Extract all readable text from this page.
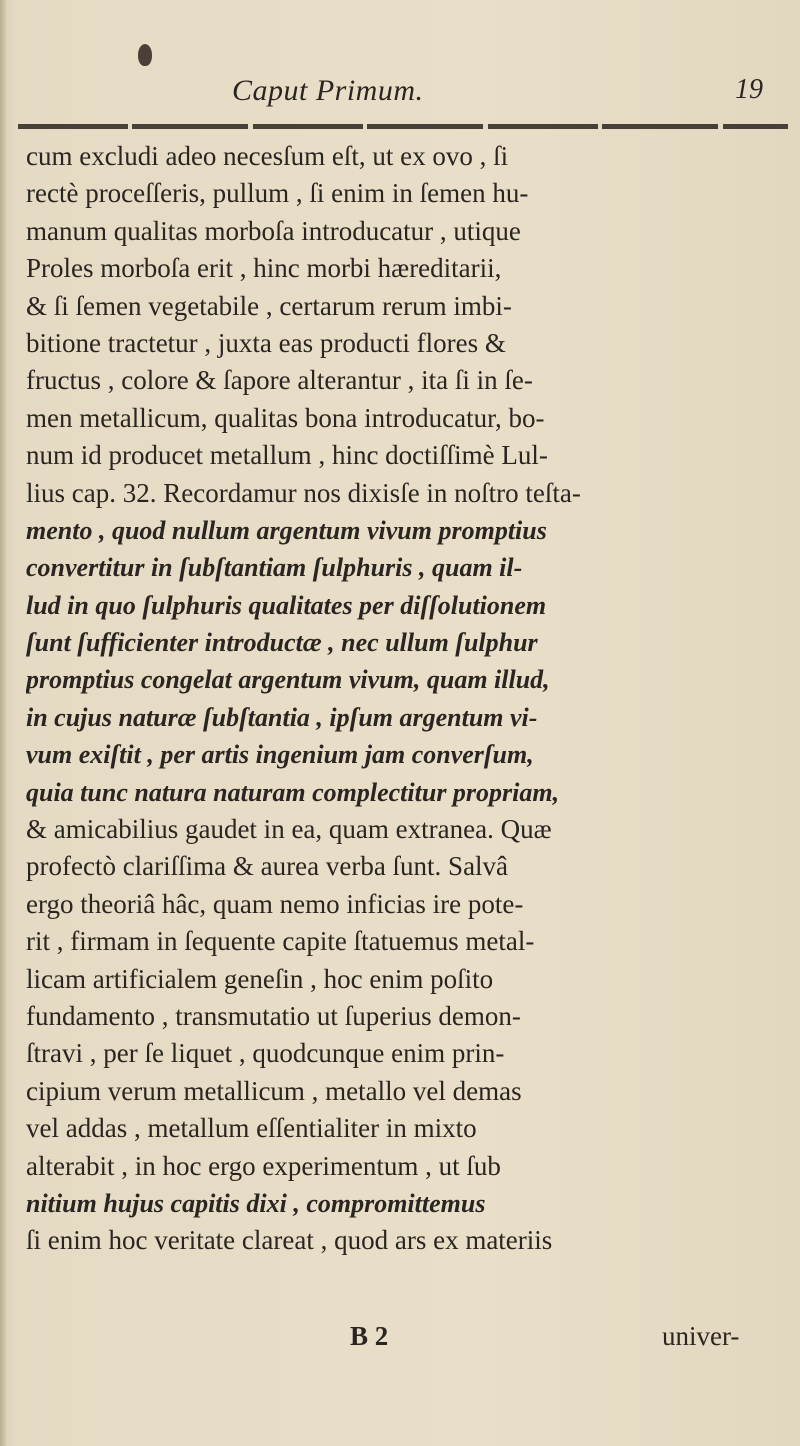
Caput Primum.	19
cum excludi adeo necesſum eſt, ut ex ovo , ſi
rectè proceſſeris, pullum , ſi enim in ſemen hu-
manum qualitas morboſa introducatur , utique
Proles morboſa erit , hinc morbi hæreditarii,
& ſi ſemen vegetabile , certarum rerum imbi-
bitione tractetur , juxta eas producti flores &
fructus , colore & ſapore alterantur , ita ſi in ſe-
men metallicum, qualitas bona introducatur, bo-
num id producet metallum , hinc doctiſſimè Lul-
lius cap. 32. Recordamur nos dixisſe in noſtro teſta-
mento , quod nullum argentum vivum promptius
convertitur in ſubſtantiam ſulphuris , quam il-
lud in quo ſulphuris qualitates per diſſolutionem
ſunt ſufficienter introductæ , nec ullum ſulphur
promptius congelat argentum vivum, quam illud,
in cujus naturæ ſubſtantia , ipſum argentum vi-
vum exiſtit , per artis ingenium jam converſum,
quia tunc natura naturam complectitur propriam,
& amicabilius gaudet in ea, quam extranea. Quæ
profectò clariſſima & aurea verba ſunt. Salvâ
ergo theoriâ hâc, quam nemo inficias ire pote-
rit , firmam in ſequente capite ſtatuemus metal-
licam artificialem geneſin , hoc enim poſito
fundamento , transmutatio ut ſuperius demon-
ſtravi , per ſe liquet , quodcunque enim prin-
cipium verum metallicum , metallo vel demas
vel addas , metallum eſſentialiter in mixto
alterabit , in hoc ergo experimentum , ut ſub
nitium hujus capitis dixi , compromittemus
ſi enim hoc veritate clareat , quod ars ex materiis
B 2	univer-
